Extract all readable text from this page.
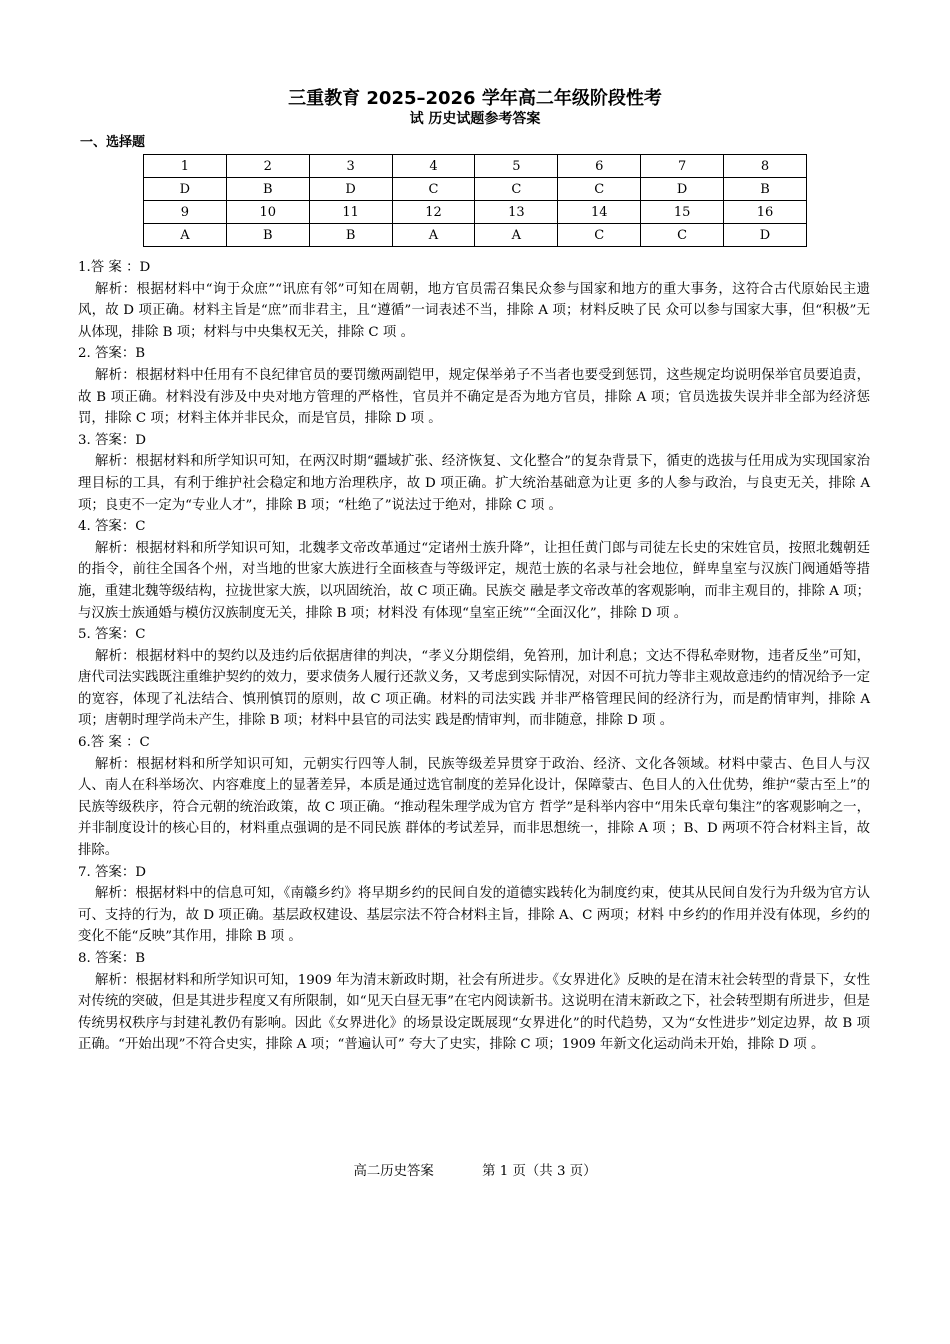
三重教育 2025–2026 学年高二年级阶段性考
试 历史试题参考答案
一、选择题
1	2	3	4	5	6	7	8
D	B	D	C	C	C	D	B
9	10	11	12	13	14	15	16
A	B	B	A	A	C	C	D

1.答 案 ：D

解析：根据材料中“询于众庶”“讯庶有邻”可知在周朝，地方官员需召集民众参与国家和地方的重大事务，这符合古代原始民主遗风，故 D 项正确。材料主旨是“庶”而非君主，且“遵循”一词表述不当，排除 A 项；材料反映了民 众可以参与国家大事，但“积极”无从体现，排除 B 项；材料与中央集权无关，排除 C 项 。

2. 答案：B

解析：根据材料中任用有不良纪律官员的要罚缴两副铠甲，规定保举弟子不当者也要受到惩罚，这些规定均说明保举官员要追责，故 B 项正确。材料没有涉及中央对地方管理的严格性，官员并不确定是否为地方官员，排除 A 项；官员选拔失误并非全部为经济惩罚，排除 C 项；材料主体并非民众，而是官员，排除 D 项 。

3. 答案：D

解析：根据材料和所学知识可知，在两汉时期“疆域扩张、经济恢复、文化整合”的复杂背景下，循吏的选拔与任用成为实现国家治理目标的工具，有利于维护社会稳定和地方治理秩序，故 D 项正确。扩大统治基础意为让更 多的人参与政治，与良吏无关，排除 A 项；良吏不一定为“专业人才”，排除 B 项；“杜绝了”说法过于绝对，排除 C 项 。

4. 答案：C

解析：根据材料和所学知识可知，北魏孝文帝改革通过“定诸州士族升降”，让担任黄门郎与司徒左长史的宋姓官员，按照北魏朝廷的指令，前往全国各个州，对当地的世家大族进行全面核查与等级评定，规范士族的名录与社会地位，鲜卑皇室与汉族门阀通婚等措施，重建北魏等级结构，拉拢世家大族，以巩固统治，故 C 项正确。民族交 融是孝文帝改革的客观影响，而非主观目的，排除 A 项；与汉族士族通婚与模仿汉族制度无关，排除 B 项；材料没 有体现“皇室正统”“全面汉化”，排除 D 项 。

5. 答案：C

解析：根据材料中的契约以及违约后依据唐律的判决，“孝义分期偿绢，免笞刑，加计利息；文达不得私牵财物，违者反坐”可知，唐代司法实践既注重维护契约的效力，要求债务人履行还款义务，又考虑到实际情况，对因不可抗力等非主观故意违约的情况给予一定的宽容，体现了礼法结合、慎刑慎罚的原则，故 C 项正确。材料的司法实践 并非严格管理民间的经济行为，而是酌情审判，排除 A 项；唐朝时理学尚未产生，排除 B 项；材料中县官的司法实 践是酌情审判，而非随意，排除 D 项 。

6.答 案 ：C

解析：根据材料和所学知识可知，元朝实行四等人制，民族等级差异贯穿于政治、经济、文化各领域。材料中蒙古、色目人与汉人、南人在科举场次、内容难度上的显著差异，本质是通过选官制度的差异化设计，保障蒙古、色目人的入仕优势，维护“蒙古至上”的民族等级秩序，符合元朝的统治政策，故 C 项正确。“推动程朱理学成为官方 哲学”是科举内容中“用朱氏章句集注”的客观影响之一，并非制度设计的核心目的，材料重点强调的是不同民族 群体的考试差异，而非思想统一，排除 A 项 ；B、D 两项不符合材料主旨，故排除。

7. 答案：D

解析：根据材料中的信息可知，《南赣乡约》将早期乡约的民间自发的道德实践转化为制度约束，使其从民间自发行为升级为官方认可、支持的行为，故 D 项正确。基层政权建设、基层宗法不符合材料主旨，排除 A、C 两项；材料 中乡约的作用并没有体现，乡约的变化不能“反映”其作用，排除 B 项 。

8. 答案：B

解析：根据材料和所学知识可知，1909 年为清末新政时期，社会有所进步。《女界进化》反映的是在清末社会转型的背景下，女性对传统的突破，但是其进步程度又有所限制，如“见天白昼无事”在宅内阅读新书。这说明在清末新政之下，社会转型期有所进步，但是传统男权秩序与封建礼教仍有影响。因此《女界进化》的场景设定既展现“女界进化”的时代趋势，又为“女性进步”划定边界，故 B 项正确。“开始出现”不符合史实，排除 A 项；“普遍认可” 夸大了史实，排除 C 项；1909 年新文化运动尚未开始，排除 D 项 。

高二历史答案	第 1 页（共 3 页）
